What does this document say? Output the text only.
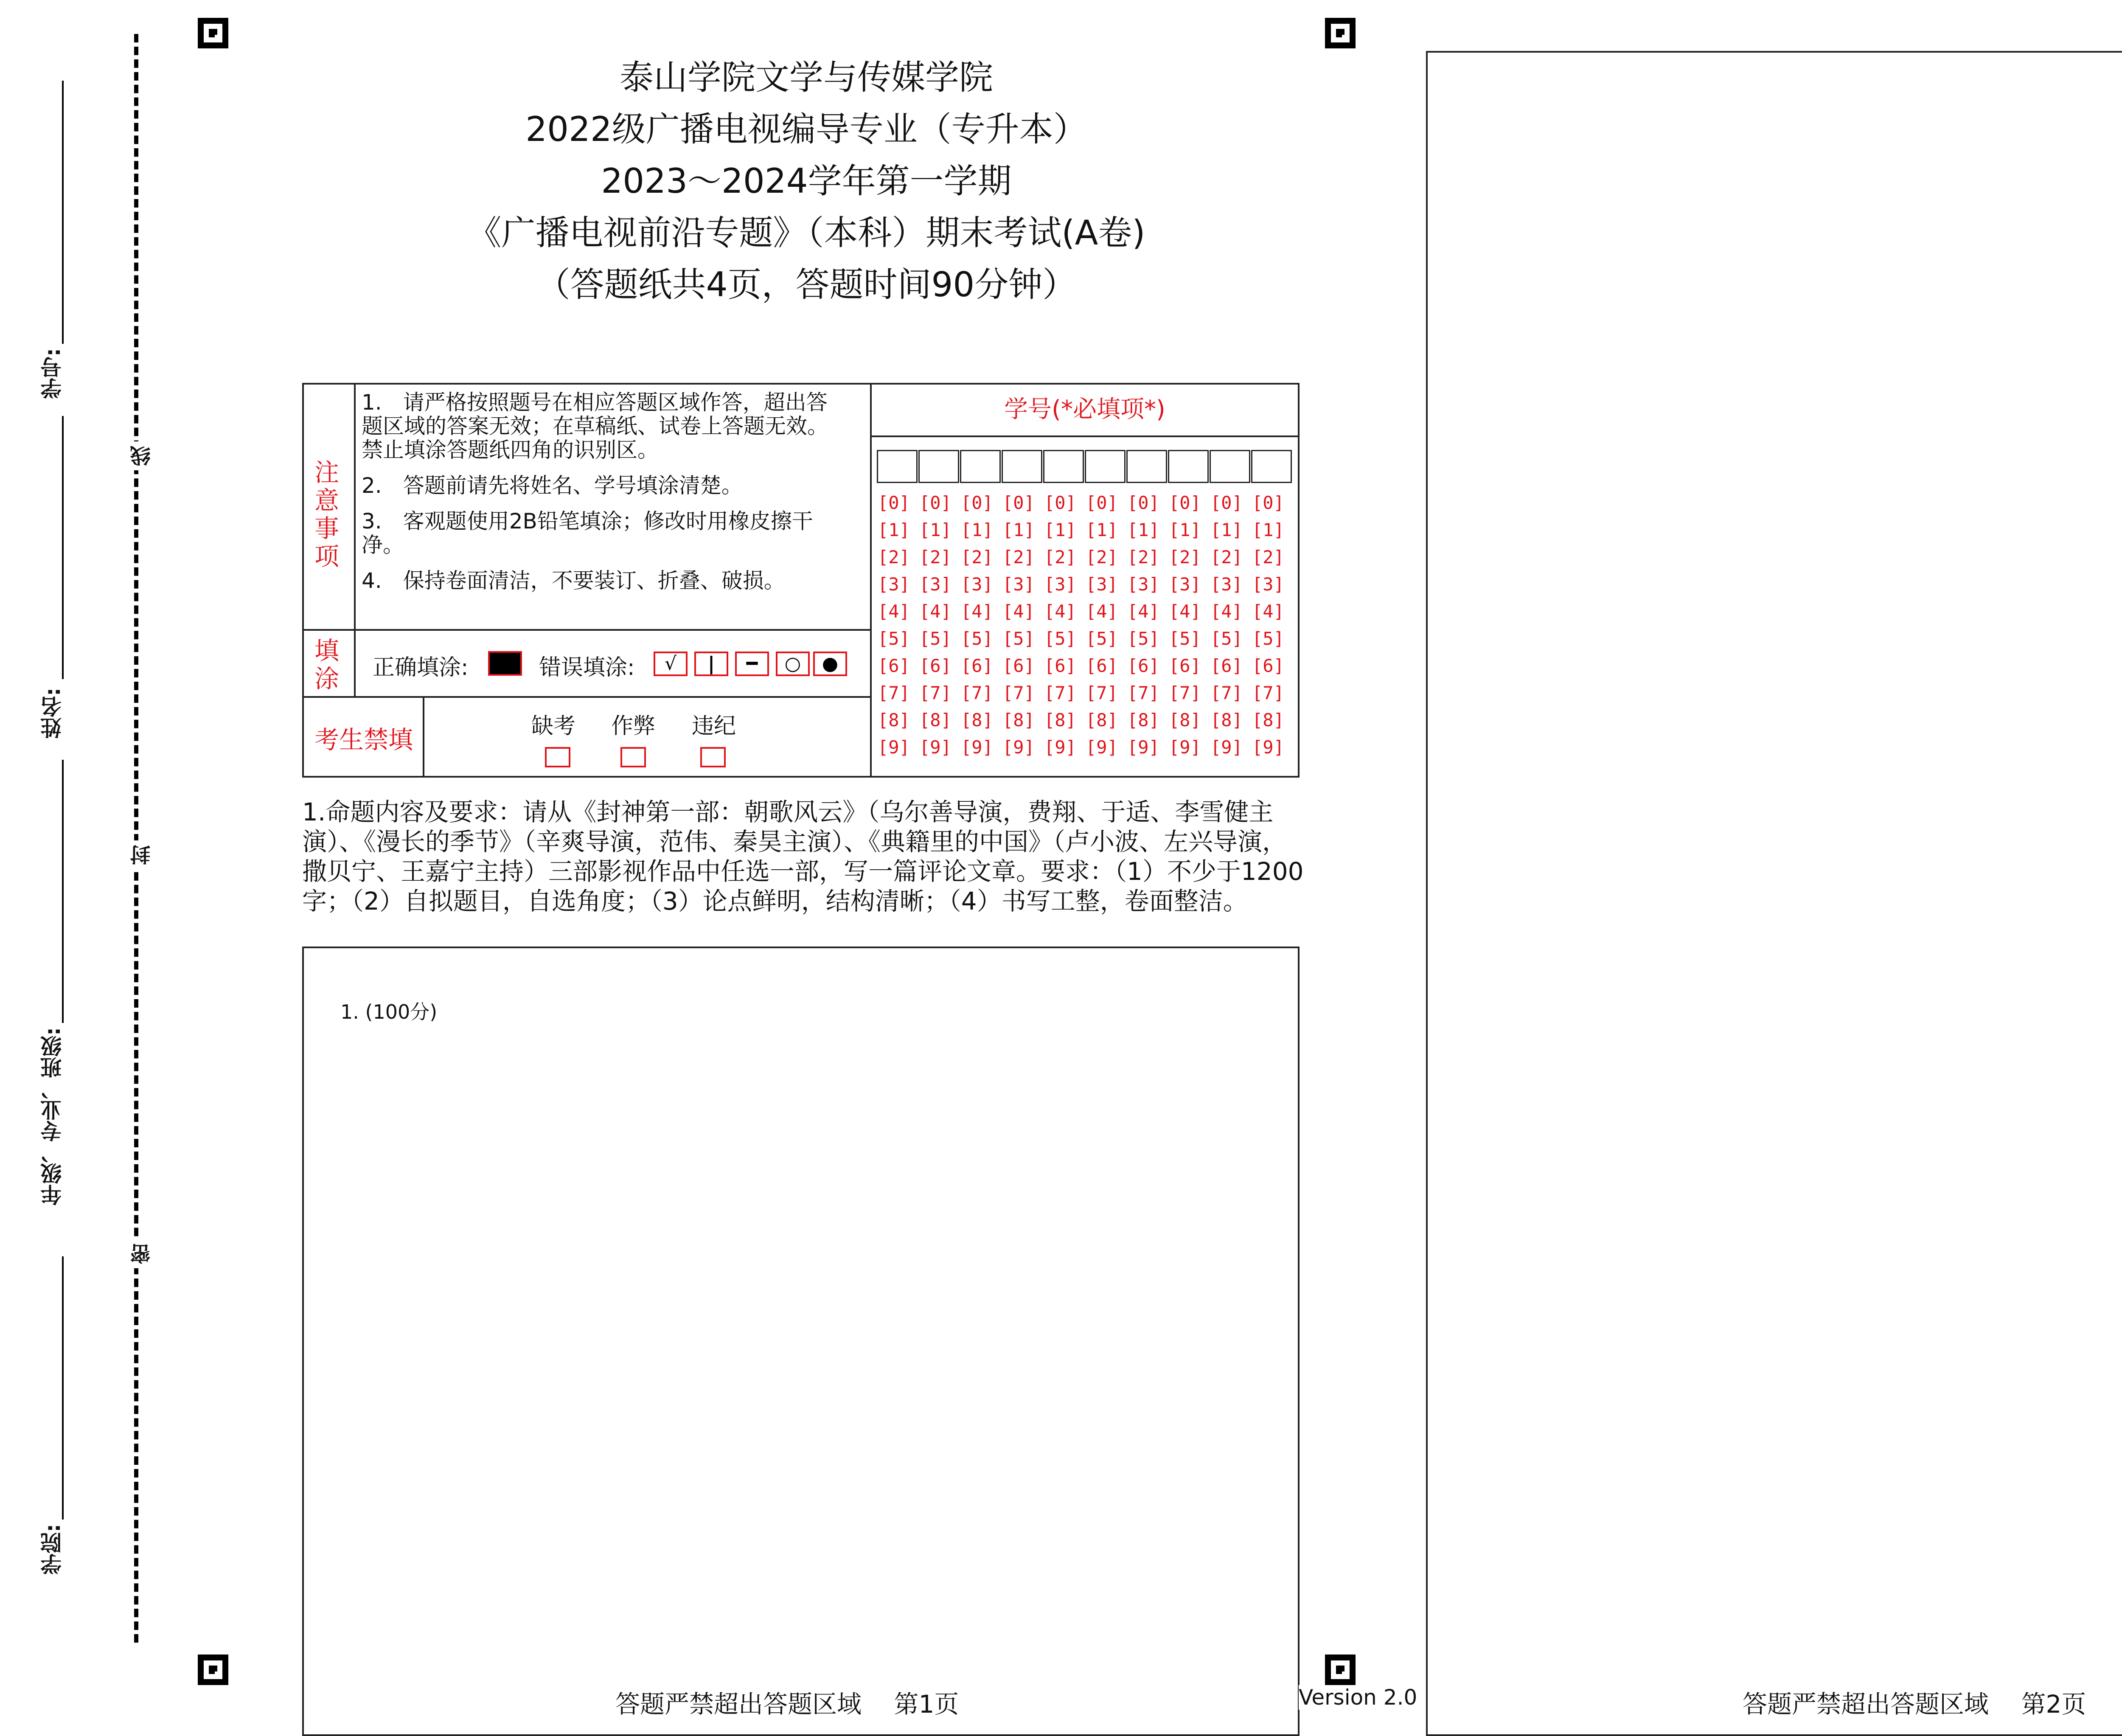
学号:
姓名:
年级、专业、班级:
学院:
线
封
密
泰山学院文学与传媒学院
2022级广播电视编导专业（专升本）
2023～2024学年第一学期
《广播电视前沿专题》（本科）期末考试(A卷)
（答题纸共4页，答题时间90分钟）
注意事项

1.　请严格按照题号在相应答题区域作答，超出答题区域的答案无效；在草稿纸、试卷上答题无效。禁止填涂答题纸四角的识别区。

2.　答题前请先将姓名、学号填涂清楚。

3.　客观题使用2B铅笔填涂；修改时用橡皮擦干净。

4.　保持卷面清洁，不要装订、折叠、破损。

填涂 正确填涂:	错误填涂:	√	|	━	○	●
考生禁填	缺考 作弊 违纪
学号(*必填项*)
[0] [0] [0] [0] [0] [0] [0] [0] [0] [0]
[1] [1] [1] [1] [1] [1] [1] [1] [1] [1]
[2] [2] [2] [2] [2] [2] [2] [2] [2] [2]
[3] [3] [3] [3] [3] [3] [3] [3] [3] [3]
[4] [4] [4] [4] [4] [4] [4] [4] [4] [4]
[5] [5] [5] [5] [5] [5] [5] [5] [5] [5]
[6] [6] [6] [6] [6] [6] [6] [6] [6] [6]
[7] [7] [7] [7] [7] [7] [7] [7] [7] [7]
[8] [8] [8] [8] [8] [8] [8] [8] [8] [8]
[9] [9] [9] [9] [9] [9] [9] [9] [9] [9]
1.命题内容及要求：请从《封神第一部：朝歌风云》（乌尔善导演，费翔、于适、李雪健主演）、《漫长的季节》（辛爽导演，范伟、秦昊主演）、《典籍里的中国》（卢小波、左兴导演，撒贝宁、王嘉宁主持）三部影视作品中任选一部，写一篇评论文章。要求：（1）不少于1200字；（2）自拟题目，自选角度；（3）论点鲜明，结构清晰；（4）书写工整，卷面整洁。
1. (100分)
答题严禁超出答题区域　 第1页	Version 2.0	答题严禁超出答题区域　 第2页
